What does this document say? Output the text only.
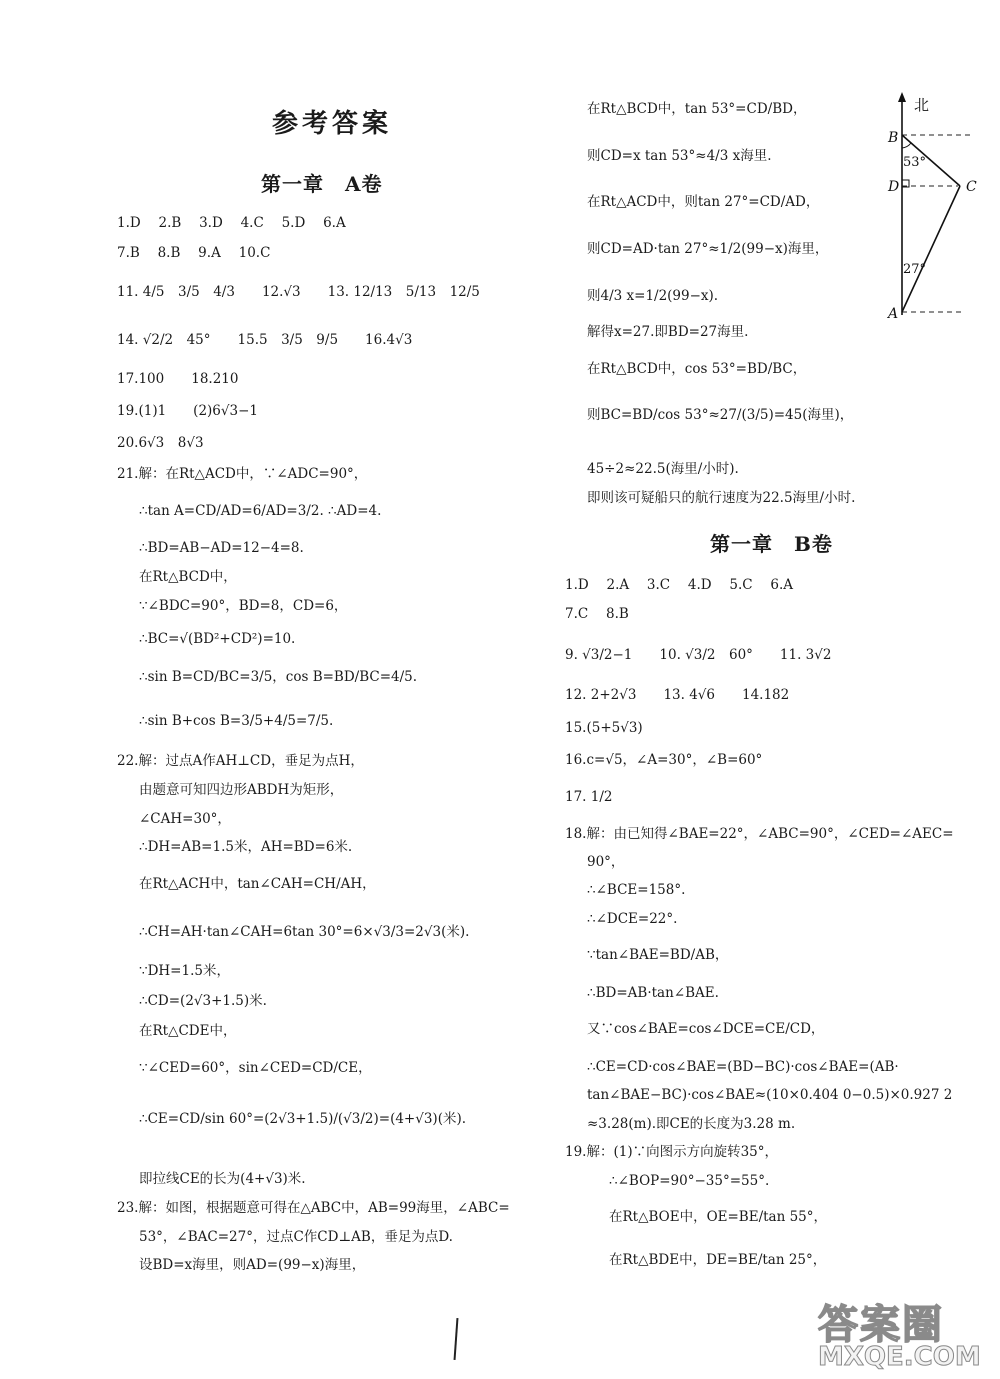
参考答案
第一章　A卷
第一章　B卷
1.D　 2.B　 3.D　 4.C　 5.D　 6.A
7.B　 8.B　 9.A　 10.C
11. 4/5　3/5　4/3　　12.√3　　13. 12/13　5/13　12/5
14. √2/2　45°　　15.5　3/5　9/5　　16.4√3
17.100　　18.210
19.(1)1　　(2)6√3−1
20.6√3　8√3
21.解：在Rt△ACD中，∵∠ADC=90°，
∴tan A=CD/AD=6/AD=3/2. ∴AD=4.
∴BD=AB−AD=12−4=8.
在Rt△BCD中，
∵∠BDC=90°，BD=8，CD=6，
∴BC=√(BD²+CD²)=10.
∴sin B=CD/BC=3/5，cos B=BD/BC=4/5.
∴sin B+cos B=3/5+4/5=7/5.
22.解：过点A作AH⊥CD，垂足为点H，
由题意可知四边形ABDH为矩形，
∠CAH=30°，
∴DH=AB=1.5米，AH=BD=6米.
在Rt△ACH中，tan∠CAH=CH/AH，
∴CH=AH·tan∠CAH=6tan 30°=6×√3/3=2√3(米).
∵DH=1.5米，
∴CD=(2√3+1.5)米.
在Rt△CDE中，
∵∠CED=60°，sin∠CED=CD/CE，
∴CE=CD/sin 60°=(2√3+1.5)/(√3/2)=(4+√3)(米).
即拉线CE的长为(4+√3)米.
23.解：如图，根据题意可得在△ABC中，AB=99海里，∠ABC=
53°，∠BAC=27°，过点C作CD⊥AB，垂足为点D.
设BD=x海里，则AD=(99−x)海里，
在Rt△BCD中，tan 53°=CD/BD，
则CD=x tan 53°≈4/3 x海里.
在Rt△ACD中，则tan 27°=CD/AD，
则CD=AD·tan 27°≈1/2(99−x)海里，
则4/3 x=1/2(99−x).
解得x=27.即BD=27海里.
在Rt△BCD中，cos 53°=BD/BC，
则BC=BD/cos 53°≈27/(3/5)=45(海里)，
45÷2≈22.5(海里/小时).
即则该可疑船只的航行速度为22.5海里/小时.
1.D　 2.A　 3.C　 4.D　 5.C　 6.A
7.C　 8.B
9. √3/2−1　　10. √3/2　60°　　11. 3√2
12. 2+2√3　　13. 4√6　　14.182
15.(5+5√3)
16.c=√5，∠A=30°，∠B=60°
17. 1/2
18.解：由已知得∠BAE=22°，∠ABC=90°，∠CED=∠AEC=
90°，
∴∠BCE=158°.
∴∠DCE=22°.
∵tan∠BAE=BD/AB，
∴BD=AB·tan∠BAE.
又∵cos∠BAE=cos∠DCE=CE/CD，
∴CE=CD·cos∠BAE=(BD−BC)·cos∠BAE=(AB·
tan∠BAE−BC)·cos∠BAE≈(10×0.404 0−0.5)×0.927 2
≈3.28(m).即CE的长度为3.28 m.
19.解：(1)∵向图示方向旋转35°，
∴∠BOP=90°−35°=55°.
在Rt△BOE中，OE=BE/tan 55°，
在Rt△BDE中，DE=BE/tan 25°，
北
B
D	C
A
53°
27°
答案圈
MXQE.COM
